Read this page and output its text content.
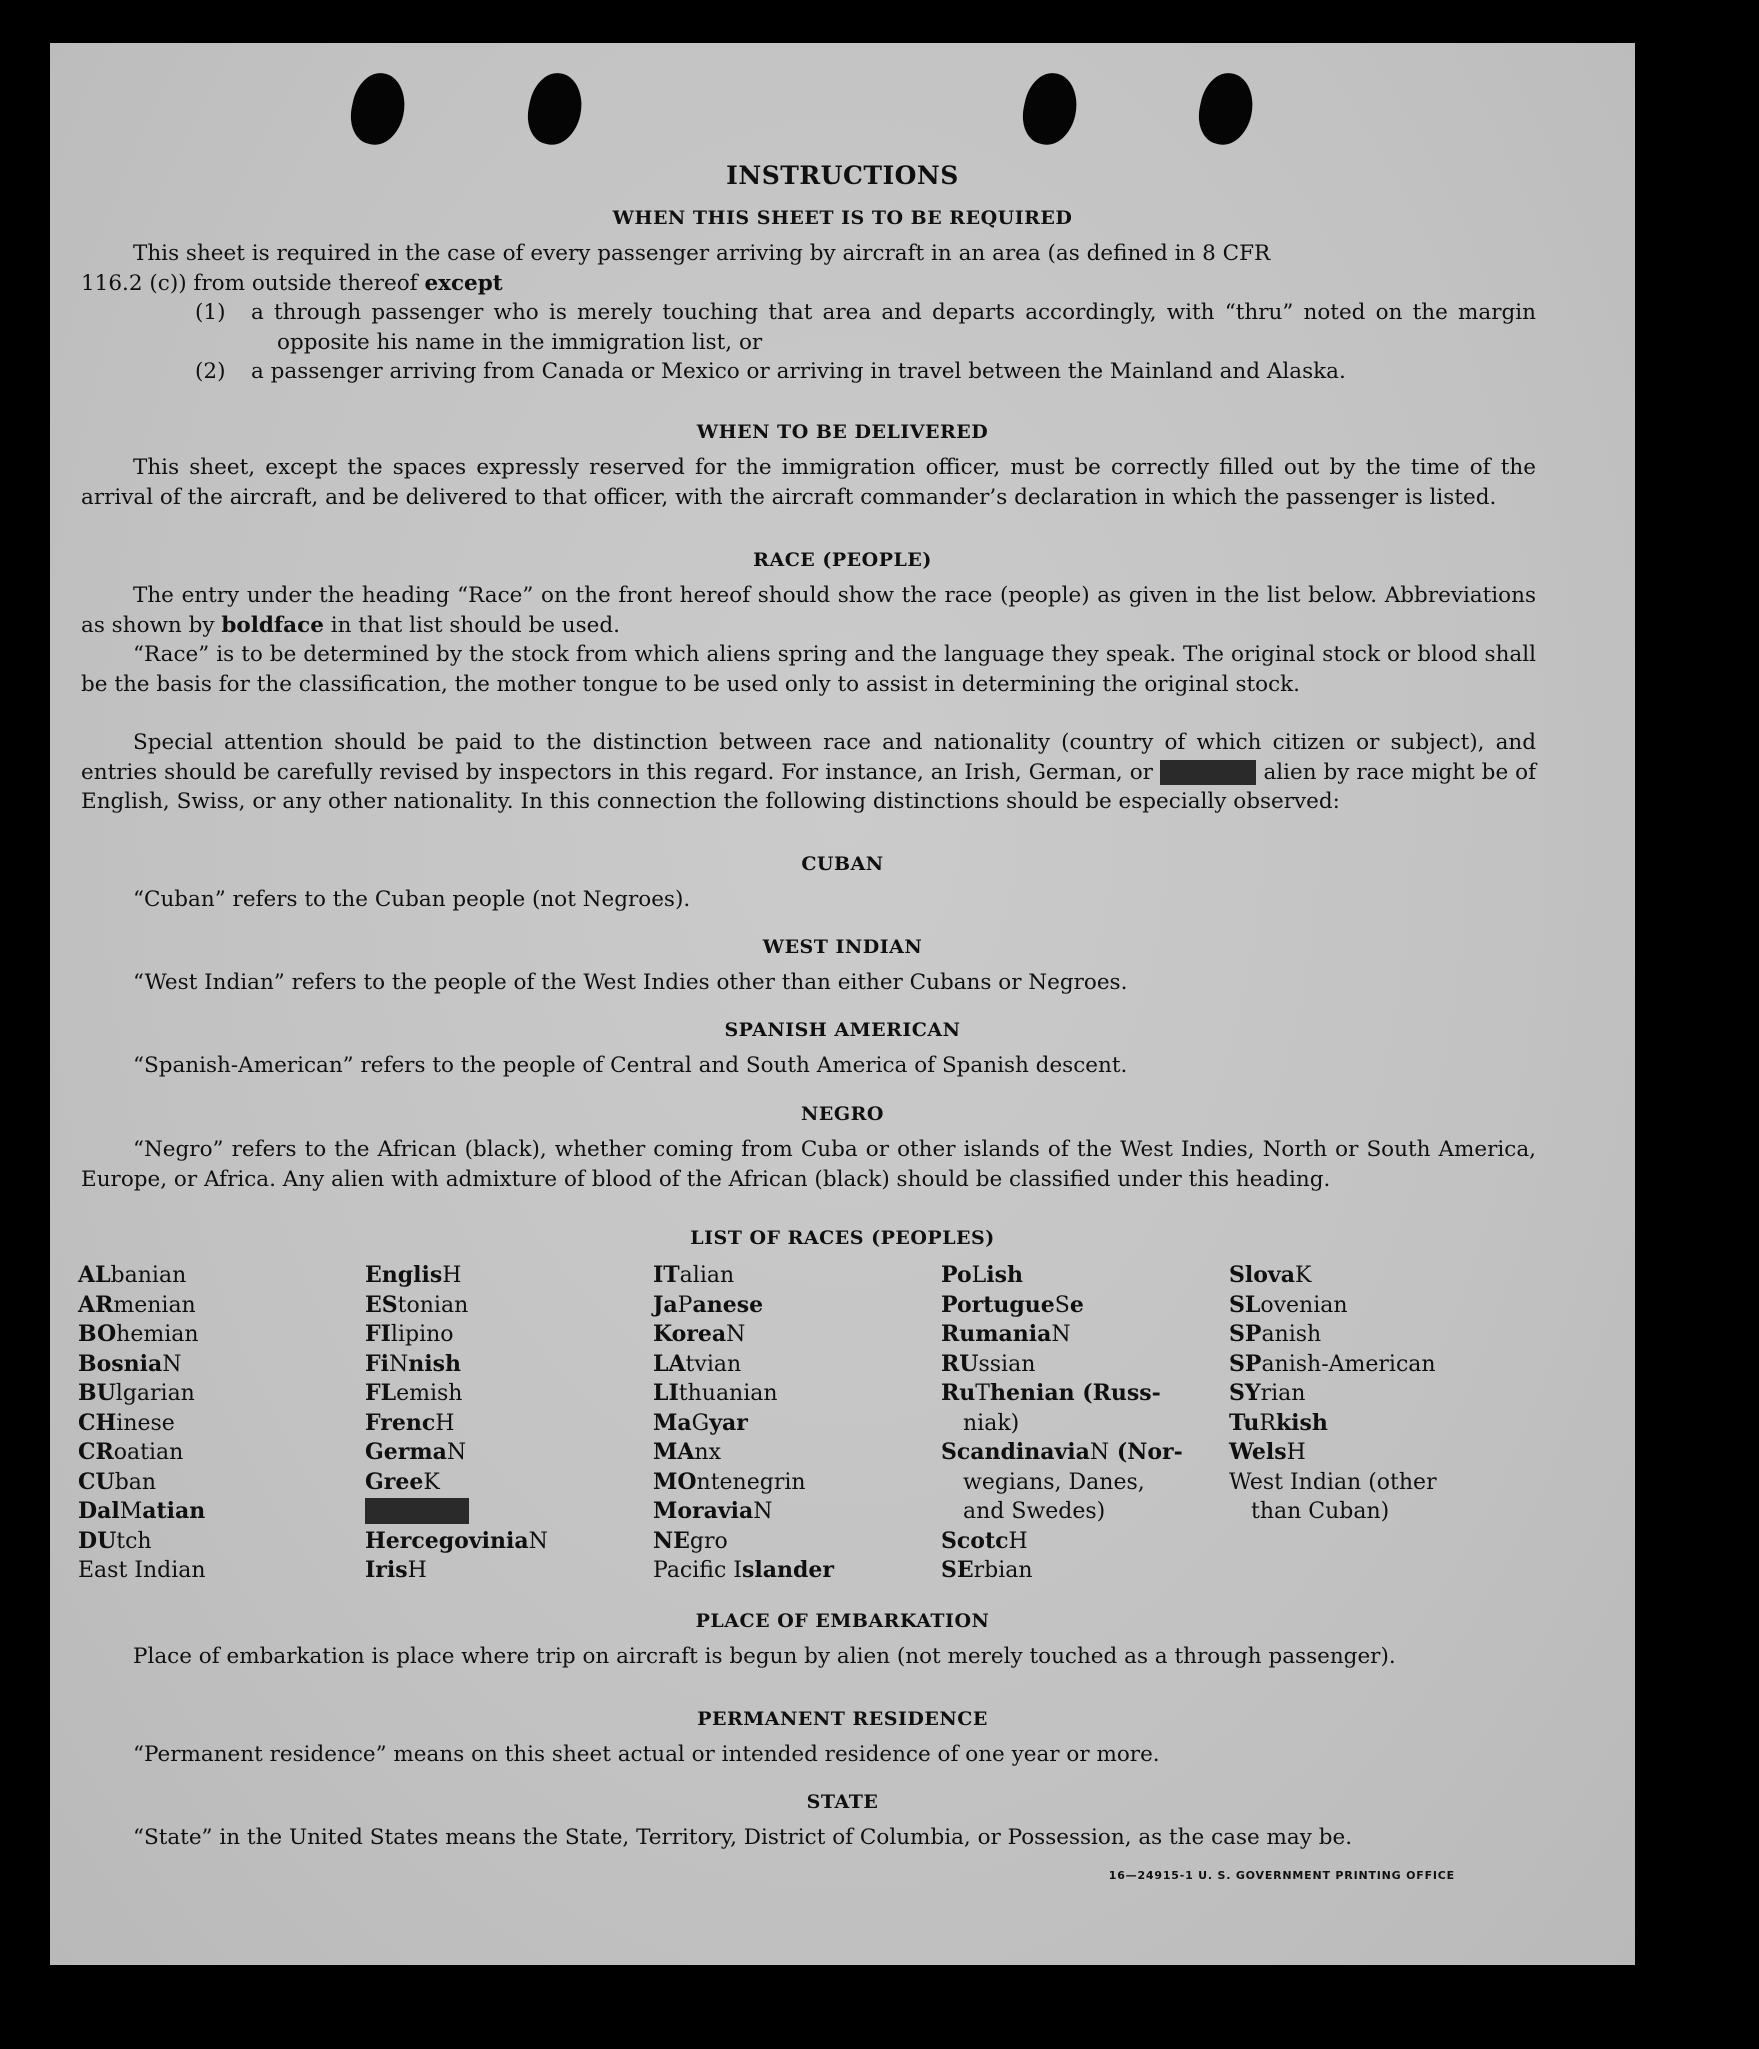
INSTRUCTIONS
WHEN THIS SHEET IS TO BE REQUIRED
This sheet is required in the case of every passenger arriving by aircraft in an area (as defined in 8 CFR
116.2 (c)) from outside thereof except
(1) a through passenger who is merely touching that area and departs accordingly, with “thru” noted on the margin opposite his name in the immigration list, or
(2) a passenger arriving from Canada or Mexico or arriving in travel between the Mainland and Alaska.
WHEN TO BE DELIVERED
This sheet, except the spaces expressly reserved for the immigration officer, must be correctly filled out by the time of the arrival of the aircraft, and be delivered to that officer, with the aircraft commander’s declaration in which the passenger is listed.
RACE (PEOPLE)
The entry under the heading “Race” on the front hereof should show the race (people) as given in the list below. Abbreviations as shown by boldface in that list should be used.
“Race” is to be determined by the stock from which aliens spring and the language they speak. The original stock or blood shall be the basis for the classification, the mother tongue to be used only to assist in determining the original stock.
Special attention should be paid to the distinction between race and nationality (country of which citizen or subject), and entries should be carefully revised by inspectors in this regard. For instance, an Irish, German, or Hebrew alien by race might be of English, Swiss, or any other nationality. In this connection the following distinctions should be especially observed:
CUBAN
“Cuban” refers to the Cuban people (not Negroes).
WEST INDIAN
“West Indian” refers to the people of the West Indies other than either Cubans or Negroes.
SPANISH AMERICAN
“Spanish-American” refers to the people of Central and South America of Spanish descent.
NEGRO
“Negro” refers to the African (black), whether coming from Cuba or other islands of the West Indies, North or South America, Europe, or Africa. Any alien with admixture of blood of the African (black) should be classified under this heading.
LIST OF RACES (PEOPLES)
ALbanian
ARmenian
BOhemian
BosniaN
BUlgarian
CHinese
CRoatian
CUban
DalMatian
DUtch
East Indian
EnglisH
EStonian
FIlipino
FiNnish
FLemish
FrencH
GermaN
GreeK
HebreW
HercegoviniaN
IrisH
ITalian
JaPanese
KoreaN
LAtvian
LIthuanian
MaGyar
MAnx
MOntenegrin
MoraviaN
NEgro
Pacific Islander
PoLish
PortugueSe
RumaniaN
RUssian
RuThenian (Russ-
niak)
ScandinaviaN (Nor-
wegians, Danes,
and Swedes)
ScotcH
SErbian
SlovaK
SLovenian
SPanish
SPanish-American
SYrian
TuRkish
WelsH
West Indian (other
than Cuban)
PLACE OF EMBARKATION
Place of embarkation is place where trip on aircraft is begun by alien (not merely touched as a through passenger).
PERMANENT RESIDENCE
“Permanent residence” means on this sheet actual or intended residence of one year or more.
STATE
“State” in the United States means the State, Territory, District of Columbia, or Possession, as the case may be.
16—24915-1 U. S. GOVERNMENT PRINTING OFFICE
